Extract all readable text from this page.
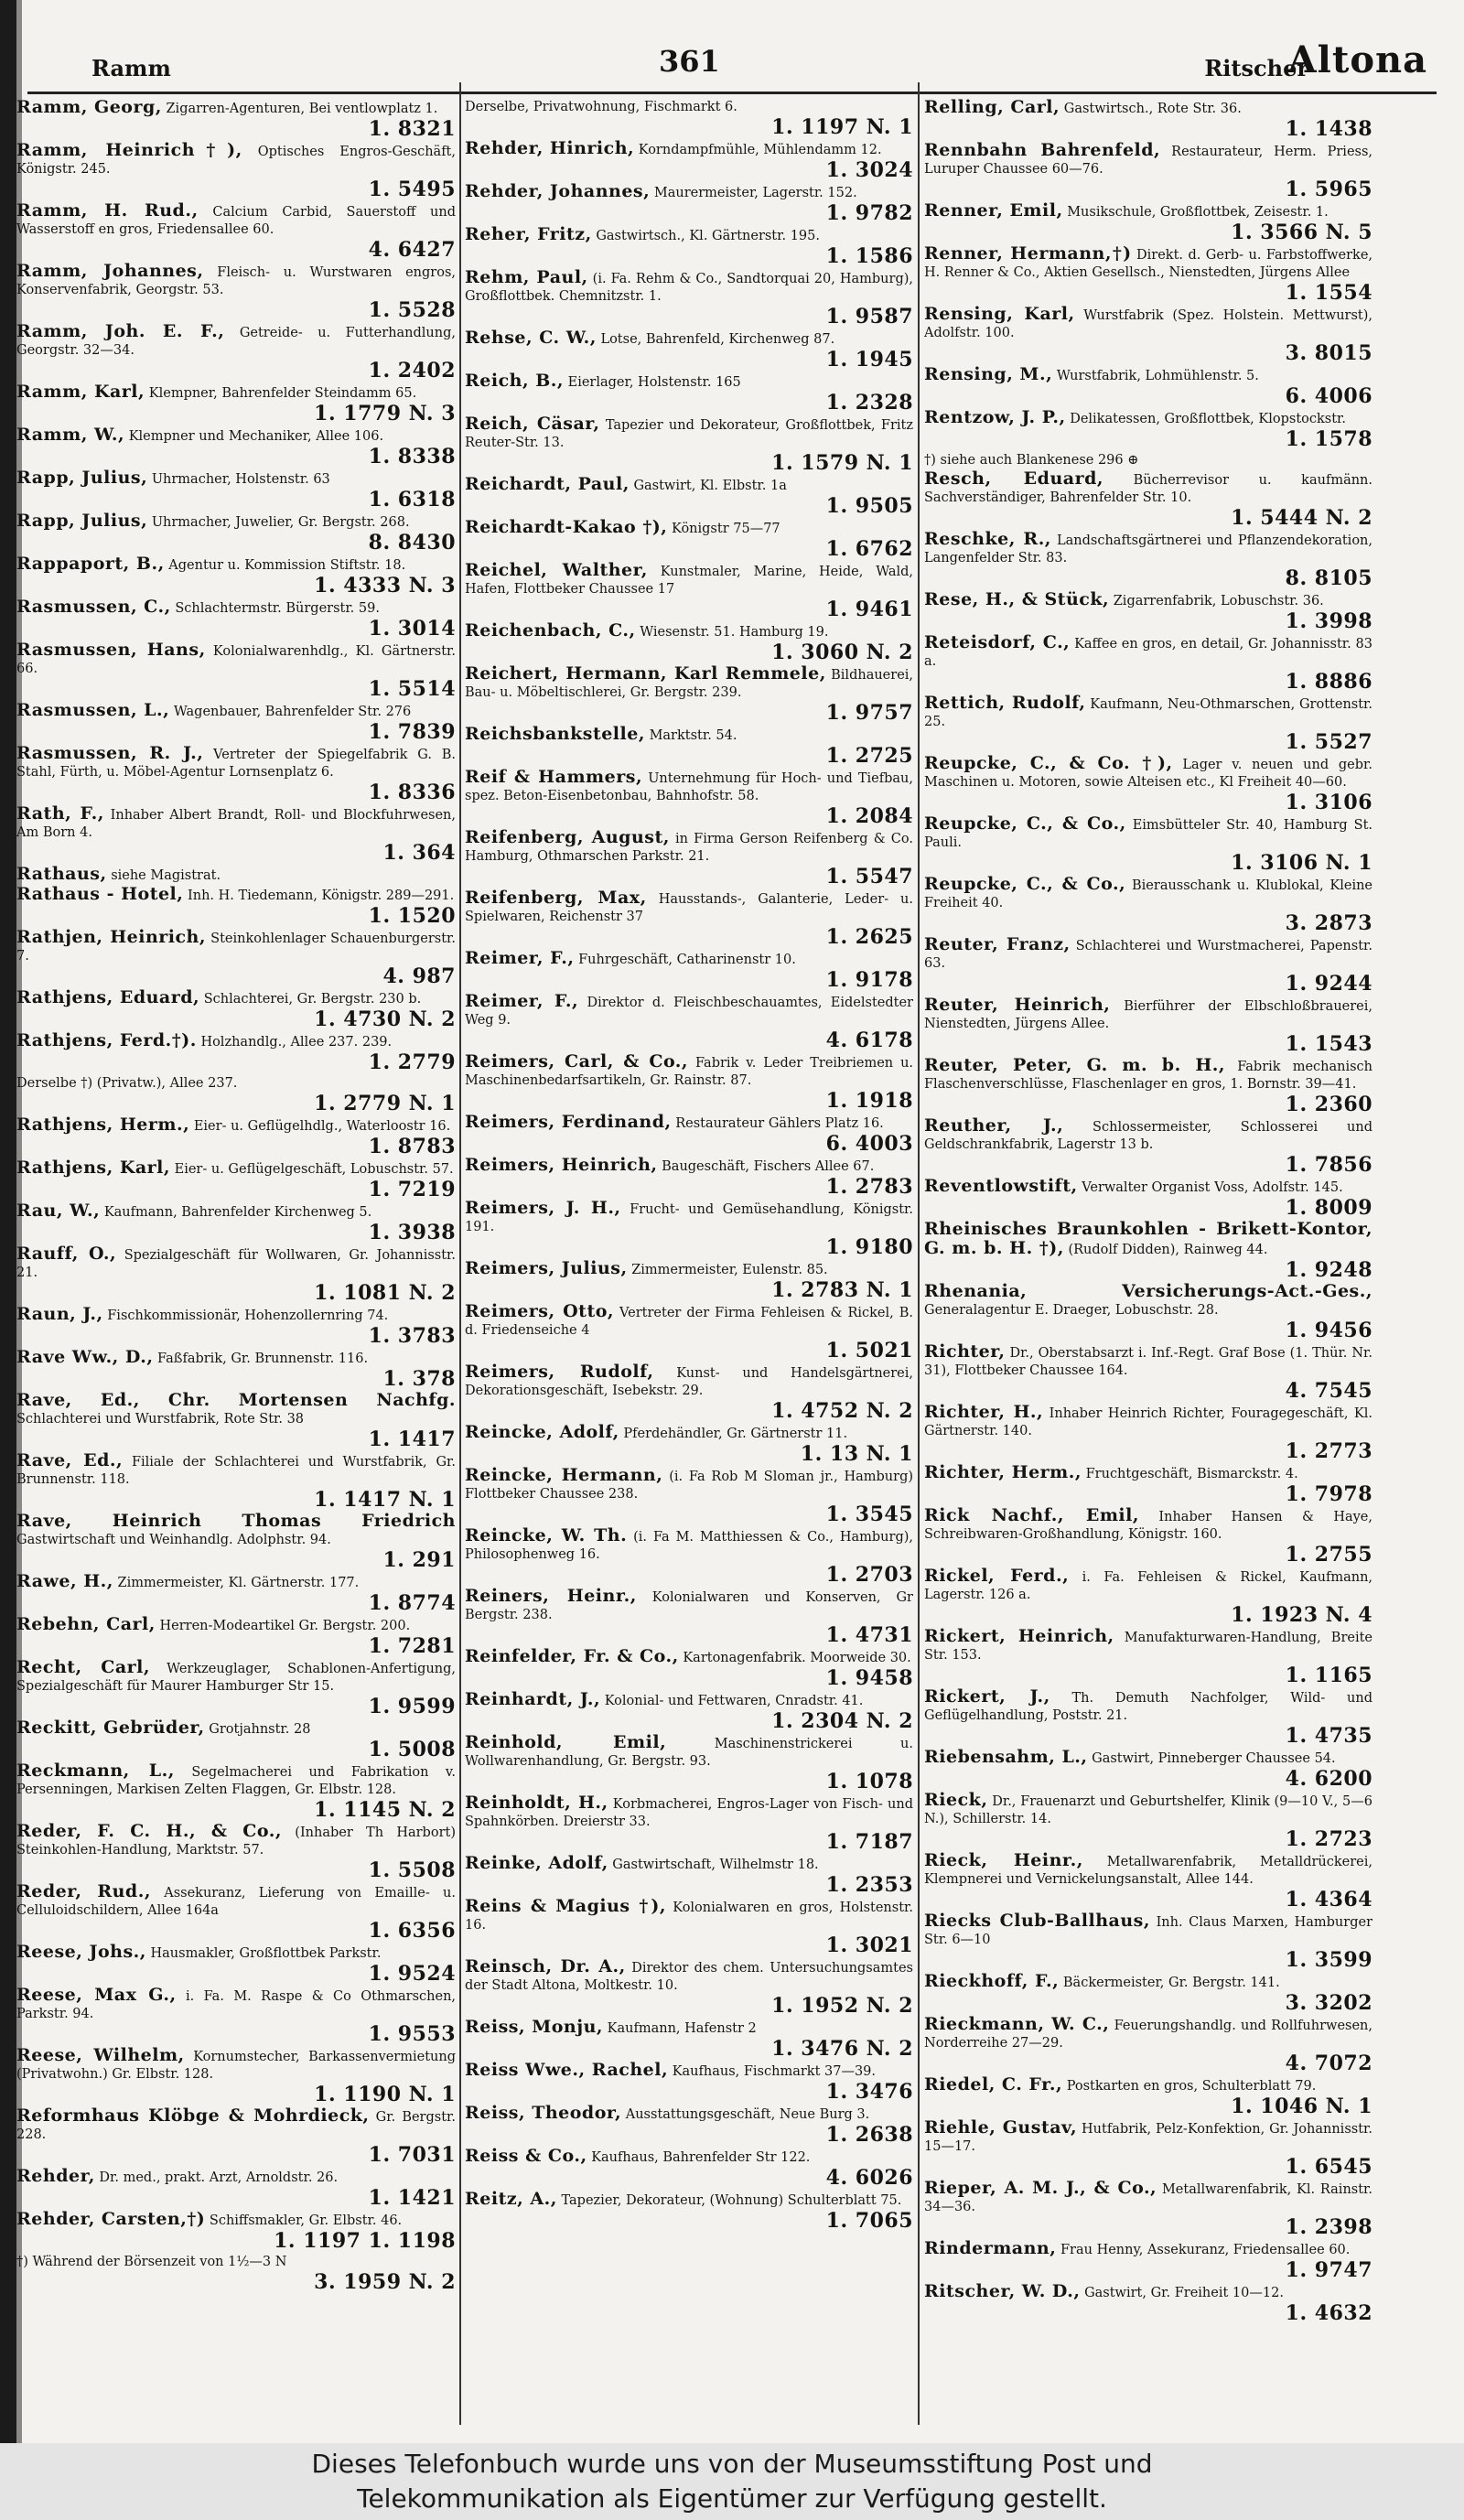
Ramm	361	Ritscher
Altona
Ramm, Georg, Zigarren-Agenturen, Bei ventlowplatz 1.
1. 8321
Ramm, Heinrich†), Optisches Engros-Geschäft, Königstr. 245.
1. 5495
Ramm, H. Rud., Calcium Carbid, Sauerstoff und Wasserstoff en gros, Friedensallee 60.
4. 6427
Ramm, Johannes, Fleisch- u. Wurstwaren engros, Konservenfabrik, Georgstr. 53.
1. 5528
Ramm, Joh. E. F., Getreide- u. Futterhandlung, Georgstr. 32—34.
1. 2402
Ramm, Karl, Klempner, Bahrenfelder Steindamm 65.
1. 1779 N. 3
Ramm, W., Klempner und Mechaniker, Allee 106.
1. 8338
Rapp, Julius, Uhrmacher, Holstenstr. 63
1. 6318
Rapp, Julius, Uhrmacher, Juwelier, Gr. Bergstr. 268.
8. 8430
Rappaport, B., Agentur u. Kommission Stiftstr. 18.
1. 4333 N. 3
Rasmussen, C., Schlachtermstr. Bürgerstr. 59.
1. 3014
Rasmussen, Hans, Kolonialwarenhdlg., Kl. Gärtnerstr. 66.
1. 5514
Rasmussen, L., Wagenbauer, Bahrenfelder Str. 276
1. 7839
Rasmussen, R. J., Vertreter der Spiegelfabrik G. B. Stahl, Fürth, u. Möbel-Agentur Lornsenplatz 6.
1. 8336
Rath, F., Inhaber Albert Brandt, Roll- und Blockfuhrwesen, Am Born 4.
1. 364
Rathaus, siehe Magistrat.
Rathaus - Hotel, Inh. H. Tiedemann, Königstr. 289—291.
1. 1520
Rathjen, Heinrich, Steinkohlenlager Schauenburgerstr. 7.
4. 987
Rathjens, Eduard, Schlachterei, Gr. Bergstr. 230 b.
1. 4730 N. 2
Rathjens, Ferd.†). Holzhandlg., Allee 237. 239.
1. 2779
Derselbe †) (Privatw.), Allee 237.
1. 2779 N. 1
Rathjens, Herm., Eier- u. Geflügelhdlg., Waterloostr 16.
1. 8783
Rathjens, Karl, Eier- u. Geflügelgeschäft, Lobuschstr. 57.
1. 7219
Rau, W., Kaufmann, Bahrenfelder Kirchenweg 5.
1. 3938
Rauff, O., Spezialgeschäft für Wollwaren, Gr. Johannisstr. 21.
1. 1081 N. 2
Raun, J., Fischkommissionär, Hohenzollernring 74.
1. 3783
Rave Ww., D., Faßfabrik, Gr. Brunnenstr. 116.
1. 378
Rave, Ed., Chr. Mortensen Nachfg. Schlachterei und Wurstfabrik, Rote Str. 38
1. 1417
Rave, Ed., Filiale der Schlachterei und Wurstfabrik, Gr. Brunnenstr. 118.
1. 1417 N. 1
Rave, Heinrich Thomas Friedrich Gastwirtschaft und Weinhandlg. Adolphstr. 94.
1. 291
Rawe, H., Zimmermeister, Kl. Gärtnerstr. 177.
1. 8774
Rebehn, Carl, Herren-Modeartikel Gr. Bergstr. 200.
1. 7281
Recht, Carl, Werkzeuglager, Schablonen-Anfertigung, Spezialgeschäft für Maurer Hamburger Str 15.
1. 9599
Reckitt, Gebrüder, Grotjahnstr. 28
1. 5008
Reckmann, L., Segelmacherei und Fabrikation v. Persenningen, Markisen Zelten Flaggen, Gr. Elbstr. 128.
1. 1145 N. 2
Reder, F. C. H., & Co., (Inhaber Th Harbort) Steinkohlen-Handlung, Marktstr. 57.
1. 5508
Reder, Rud., Assekuranz, Lieferung von Emaille- u. Celluloidschildern, Allee 164a
1. 6356
Reese, Johs., Hausmakler, Großflottbek Parkstr.
1. 9524
Reese, Max G., i. Fa. M. Raspe & Co Othmarschen, Parkstr. 94.
1. 9553
Reese, Wilhelm, Kornumstecher, Barkassenvermietung (Privatwohn.) Gr. Elbstr. 128.
1. 1190 N. 1
Reformhaus Klöbge & Mohrdieck, Gr. Bergstr. 228.
1. 7031
Rehder, Dr. med., prakt. Arzt, Arnoldstr. 26.
1. 1421
Rehder, Carsten,†) Schiffsmakler, Gr. Elbstr. 46.
1. 1197 1. 1198
†) Während der Börsenzeit von 1½—3 N
3. 1959 N. 2
Derselbe, Privatwohnung, Fischmarkt 6.
1. 1197 N. 1
Rehder, Hinrich, Korndampfmühle, Mühlendamm 12.
1. 3024
Rehder, Johannes, Maurermeister, Lagerstr. 152.
1. 9782
Reher, Fritz, Gastwirtsch., Kl. Gärtnerstr. 195.
1. 1586
Rehm, Paul, (i. Fa. Rehm & Co., Sandtorquai 20, Hamburg), Großflottbek. Chemnitzstr. 1.
1. 9587
Rehse, C. W., Lotse, Bahrenfeld, Kirchenweg 87.
1. 1945
Reich, B., Eierlager, Holstenstr. 165
1. 2328
Reich, Cäsar, Tapezier und Dekorateur, Großflottbek, Fritz Reuter-Str. 13.
1. 1579 N. 1
Reichardt, Paul, Gastwirt, Kl. Elbstr. 1a
1. 9505
Reichardt-Kakao †), Königstr 75—77
1. 6762
Reichel, Walther, Kunstmaler, Marine, Heide, Wald, Hafen, Flottbeker Chaussee 17
1. 9461
Reichenbach, C., Wiesenstr. 51. Hamburg 19.
1. 3060 N. 2
Reichert, Hermann, Karl Remmele, Bildhauerei, Bau- u. Möbeltischlerei, Gr. Bergstr. 239.
1. 9757
Reichsbankstelle, Marktstr. 54.
1. 2725
Reif & Hammers, Unternehmung für Hoch- und Tiefbau, spez. Beton-Eisenbetonbau, Bahnhofstr. 58.
1. 2084
Reifenberg, August, in Firma Gerson Reifenberg & Co. Hamburg, Othmarschen Parkstr. 21.
1. 5547
Reifenberg, Max, Hausstands-, Galanterie, Leder- u. Spielwaren, Reichenstr 37
1. 2625
Reimer, F., Fuhrgeschäft, Catharinenstr 10.
1. 9178
Reimer, F., Direktor d. Fleischbeschauamtes, Eidelstedter Weg 9.
4. 6178
Reimers, Carl, & Co., Fabrik v. Leder Treibriemen u. Maschinenbedarfsartikeln, Gr. Rainstr. 87.
1. 1918
Reimers, Ferdinand, Restaurateur Gählers Platz 16.
6. 4003
Reimers, Heinrich, Baugeschäft, Fischers Allee 67.
1. 2783
Reimers, J. H., Frucht- und Gemüsehandlung, Königstr. 191.
1. 9180
Reimers, Julius, Zimmermeister, Eulenstr. 85.
1. 2783 N. 1
Reimers, Otto, Vertreter der Firma Fehleisen & Rickel, B. d. Friedenseiche 4
1. 5021
Reimers, Rudolf, Kunst- und Handelsgärtnerei, Dekorationsgeschäft, Isebekstr. 29.
1. 4752 N. 2
Reincke, Adolf, Pferdehändler, Gr. Gärtnerstr 11.
1. 13 N. 1
Reincke, Hermann, (i. Fa Rob M Sloman jr., Hamburg) Flottbeker Chaussee 238.
1. 3545
Reincke, W. Th. (i. Fa M. Matthiessen & Co., Hamburg), Philosophenweg 16.
1. 2703
Reiners, Heinr., Kolonialwaren und Konserven, Gr Bergstr. 238.
1. 4731
Reinfelder, Fr. & Co., Kartonagenfabrik. Moorweide 30.
1. 9458
Reinhardt, J., Kolonial- und Fettwaren, Cnradstr. 41.
1. 2304 N. 2
Reinhold, Emil,	Maschinenstrickerei u. Wollwarenhandlung, Gr. Bergstr. 93.
1. 1078
Reinholdt, H., Korbmacherei, Engros-Lager von Fisch- und Spahnkörben. Dreierstr 33.
1. 7187
Reinke, Adolf, Gastwirtschaft, Wilhelmstr 18.
1. 2353
Reins & Magius †), Kolonialwaren en gros, Holstenstr. 16.
1. 3021
Reinsch, Dr. A., Direktor des chem. Untersuchungsamtes der Stadt Altona, Moltkestr. 10.
1. 1952 N. 2
Reiss, Monju, Kaufmann, Hafenstr 2
1. 3476 N. 2
Reiss Wwe., Rachel, Kaufhaus, Fischmarkt 37—39.
1. 3476
Reiss, Theodor, Ausstattungsgeschäft, Neue Burg 3.
1. 2638
Reiss & Co., Kaufhaus, Bahrenfelder Str 122.
4. 6026
Reitz, A., Tapezier, Dekorateur, (Wohnung) Schulterblatt 75.
1. 7065
Relling, Carl, Gastwirtsch., Rote Str. 36.
1. 1438
Rennbahn Bahrenfeld, Restaurateur, Herm. Priess, Luruper Chaussee 60—76.
1. 5965
Renner, Emil, Musikschule, Großflottbek, Zeisestr. 1.
1. 3566 N. 5
Renner, Hermann,†) Direkt. d. Gerb- u. Farbstoffwerke, H. Renner & Co., Aktien Gesellsch., Nienstedten, Jürgens Allee
1. 1554
Rensing, Karl, Wurstfabrik (Spez. Holstein. Mettwurst), Adolfstr. 100.
3. 8015
Rensing, M., Wurstfabrik, Lohmühlenstr. 5.
6. 4006
Rentzow, J. P., Delikatessen, Großflottbek, Klopstockstr.
1. 1578
†) siehe auch Blankenese 296 ⊕
Resch, Eduard, Bücherrevisor u. kaufmänn. Sachverständiger, Bahrenfelder Str. 10.
1. 5444 N. 2
Reschke, R., Landschaftsgärtnerei und Pflanzendekoration, Langenfelder Str. 83.
8. 8105
Rese, H., & Stück, Zigarrenfabrik, Lobuschstr. 36.
1. 3998
Reteisdorf, C., Kaffee en gros, en detail, Gr. Johannisstr. 83 a.
1. 8886
Rettich, Rudolf, Kaufmann, Neu-Othmarschen, Grottenstr. 25.
1. 5527
Reupcke, C., & Co. †), Lager v. neuen und gebr. Maschinen u. Motoren, sowie Alteisen etc., Kl Freiheit 40—60.
1. 3106
Reupcke, C., & Co., Eimsbütteler Str. 40, Hamburg St. Pauli.
1. 3106 N. 1
Reupcke, C., & Co., Bierausschank u. Klublokal, Kleine Freiheit 40.
3. 2873
Reuter, Franz, Schlachterei und Wurstmacherei, Papenstr. 63.
1. 9244
Reuter, Heinrich, Bierführer der Elbschloßbrauerei, Nienstedten, Jürgens Allee.
1. 1543
Reuter, Peter, G. m. b. H., Fabrik mechanisch Flaschenverschlüsse, Flaschenlager en gros, 1. Bornstr. 39—41.
1. 2360
Reuther, J., Schlossermeister, Schlosserei und Geldschrankfabrik, Lagerstr 13 b.
1. 7856
Reventlowstift, Verwalter Organist Voss, Adolfstr. 145.
1. 8009
Rheinisches Braunkohlen - Brikett-Kontor, G. m. b. H. †), (Rudolf Didden), Rainweg 44.
1. 9248
Rhenania, Versicherungs-Act.-Ges., Generalagentur E. Draeger, Lobuschstr. 28.
1. 9456
Richter, Dr., Oberstabsarzt i. Inf.-Regt. Graf Bose (1. Thür. Nr. 31), Flottbeker Chaussee 164.
4. 7545
Richter, H., Inhaber Heinrich Richter, Fouragegeschäft, Kl. Gärtnerstr. 140.
1. 2773
Richter, Herm., Fruchtgeschäft, Bismarckstr. 4.
1. 7978
Rick Nachf., Emil, Inhaber Hansen & Haye, Schreibwaren-Großhandlung, Königstr. 160.
1. 2755
Rickel, Ferd., i. Fa. Fehleisen & Rickel, Kaufmann, Lagerstr. 126 a.
1. 1923 N. 4
Rickert, Heinrich, Manufakturwaren-Handlung, Breite Str. 153.
1. 1165
Rickert, J., Th. Demuth Nachfolger, Wild- und Geflügelhandlung, Poststr. 21.
1. 4735
Riebensahm, L., Gastwirt, Pinneberger Chaussee 54.
4. 6200
Rieck, Dr., Frauenarzt und Geburtshelfer, Klinik (9—10 V., 5—6 N.), Schillerstr. 14.
1. 2723
Rieck, Heinr., Metallwarenfabrik, Metalldrückerei, Klempnerei und Vernickelungsanstalt, Allee 144.
1. 4364
Riecks Club-Ballhaus, Inh. Claus Marxen, Hamburger Str. 6—10
1. 3599
Rieckhoff, F., Bäckermeister, Gr. Bergstr. 141.
3. 3202
Rieckmann, W. C., Feuerungshandlg. und Rollfuhrwesen, Norderreihe 27—29.
4. 7072
Riedel, C. Fr., Postkarten en gros, Schulterblatt 79.
1. 1046 N. 1
Riehle, Gustav, Hutfabrik, Pelz-Konfektion, Gr. Johannisstr. 15—17.
1. 6545
Rieper, A. M. J., & Co., Metallwarenfabrik, Kl. Rainstr. 34—36.
1. 2398
Rindermann, Frau Henny, Assekuranz, Friedensallee 60.
1. 9747
Ritscher, W. D., Gastwirt, Gr. Freiheit 10—12.
1. 4632
Dieses Telefonbuch wurde uns von der Museumsstiftung Post und
Telekommunikation als Eigentümer zur Verfügung gestellt.
